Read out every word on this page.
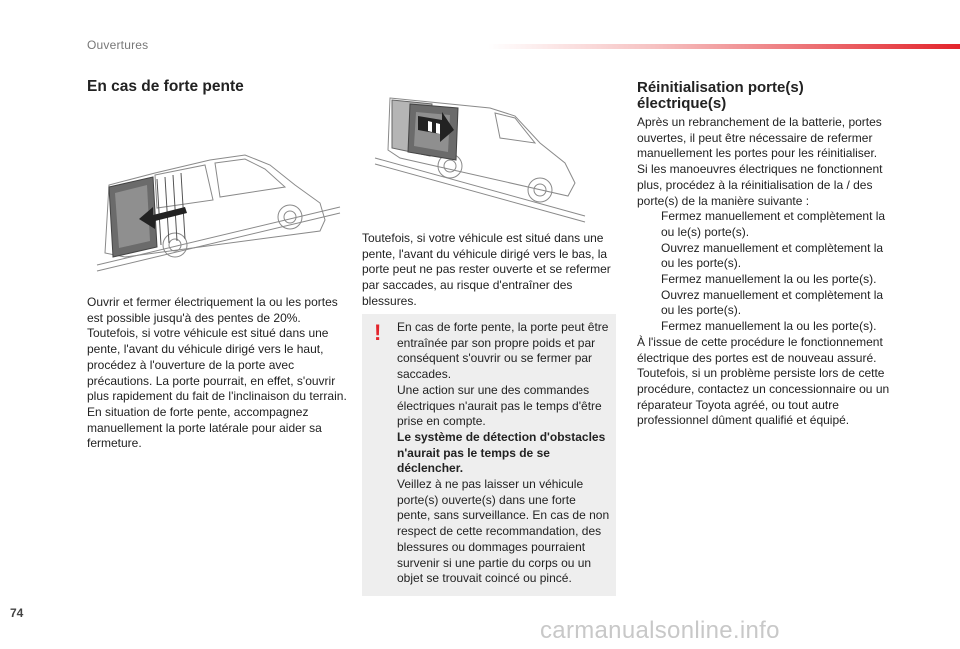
Ouvertures
En cas de forte pente

Ouvrir et fermer électriquement la ou les portes est possible jusqu'à des pentes de 20%.

Toutefois, si votre véhicule est situé dans une pente, l'avant du véhicule dirigé vers le haut, procédez à l'ouverture de la porte avec précautions. La porte pourrait, en effet, s'ouvrir plus rapidement du fait de l'inclinaison du terrain.

En situation de forte pente, accompagnez manuellement la porte latérale pour aider sa fermeture.

Toutefois, si votre véhicule est situé dans une pente, l'avant du véhicule dirigé vers le bas, la porte peut ne pas rester ouverte et se refermer par saccades, au risque d'entraîner des blessures.

! En cas de forte pente, la porte peut être entraînée par son propre poids et par conséquent s'ouvrir ou se fermer par saccades.

Une action sur une des commandes électriques n'aurait pas le temps d'être prise en compte.

Le système de détection d'obstacles n'aurait pas le temps de se déclencher.

Veillez à ne pas laisser un véhicule porte(s) ouverte(s) dans une forte pente, sans surveillance. En cas de non respect de cette recommandation, des blessures ou dommages pourraient survenir si une partie du corps ou un objet se trouvait coincé ou pincé.

Réinitialisation porte(s) électrique(s)

Après un rebranchement de la batterie, portes ouvertes, il peut être nécessaire de refermer manuellement les portes pour les réinitialiser.

Si les manoeuvres électriques ne fonctionnent plus, procédez à la réinitialisation de la / des porte(s) de la manière suivante :

Fermez manuellement et complètement la ou le(s) porte(s).
Ouvrez manuellement et complètement la ou les porte(s).
Fermez manuellement la ou les porte(s).
Ouvrez manuellement et complètement la ou les porte(s).
Fermez manuellement la ou les porte(s).

À l'issue de cette procédure le fonctionnement électrique des portes est de nouveau assuré.

Toutefois, si un problème persiste lors de cette procédure, contactez un concessionnaire ou un réparateur Toyota agréé, ou tout autre professionnel dûment qualifié et équipé.

74
carmanualsonline.info
